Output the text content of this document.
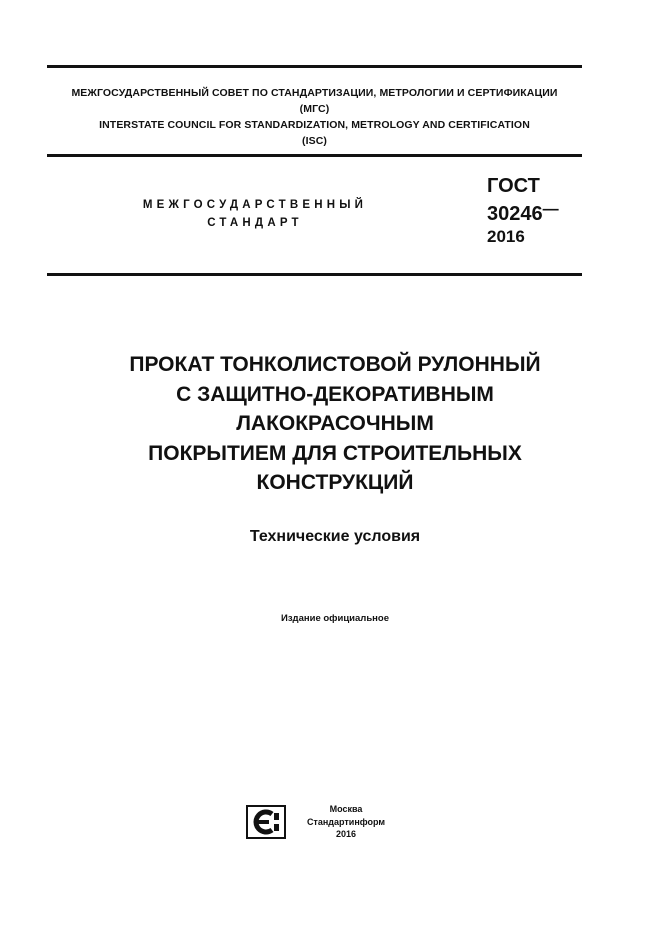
МЕЖГОСУДАРСТВЕННЫЙ СОВЕТ ПО СТАНДАРТИЗАЦИИ, МЕТРОЛОГИИ И СЕРТИФИКАЦИИ
(МГС)
INTERSTATE COUNCIL FOR STANDARDIZATION, METROLOGY AND CERTIFICATION
(ISC)
МЕЖГОСУДАРСТВЕННЫЙ
СТАНДАРТ
ГОСТ
30246—
2016
ПРОКАТ ТОНКОЛИСТОВОЙ РУЛОННЫЙ
С ЗАЩИТНО-ДЕКОРАТИВНЫМ
ЛАКОКРАСОЧНЫМ
ПОКРЫТИЕМ ДЛЯ СТРОИТЕЛЬНЫХ
КОНСТРУКЦИЙ
Технические условия
Издание официальное
Москва
Стандартинформ
2016
